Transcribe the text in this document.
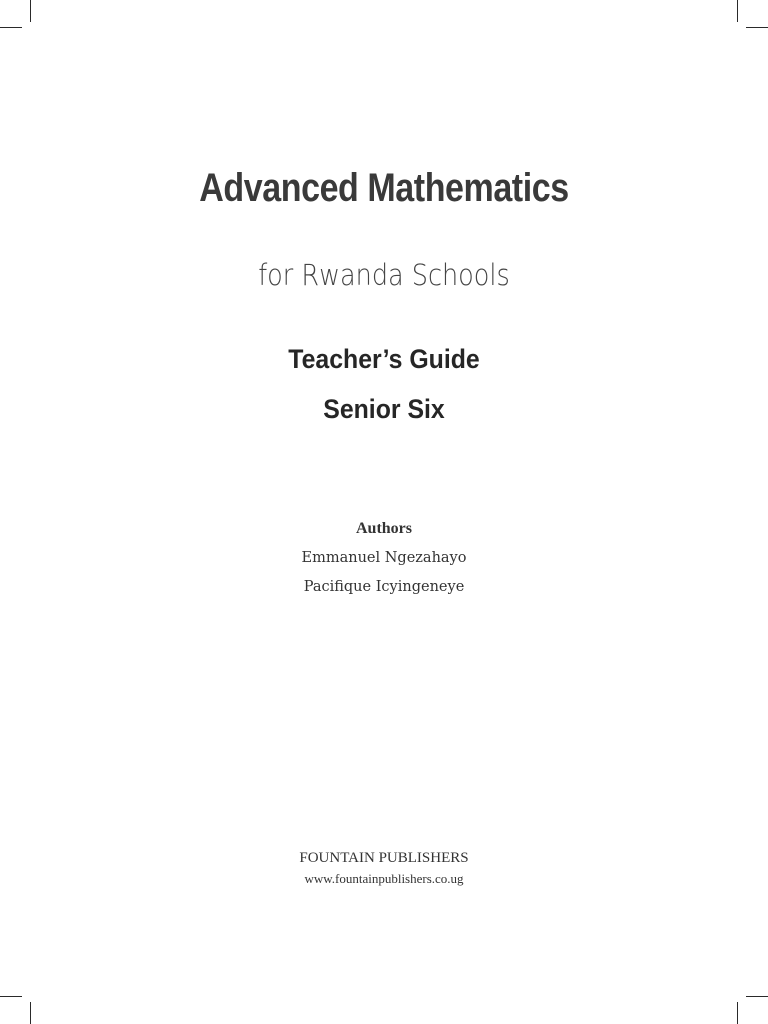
Advanced Mathematics
for Rwanda Schools
Teacher’s Guide
Senior Six
Authors
Emmanuel Ngezahayo
Pacifique Icyingeneye
FOUNTAIN PUBLISHERS
www.fountainpublishers.co.ug
